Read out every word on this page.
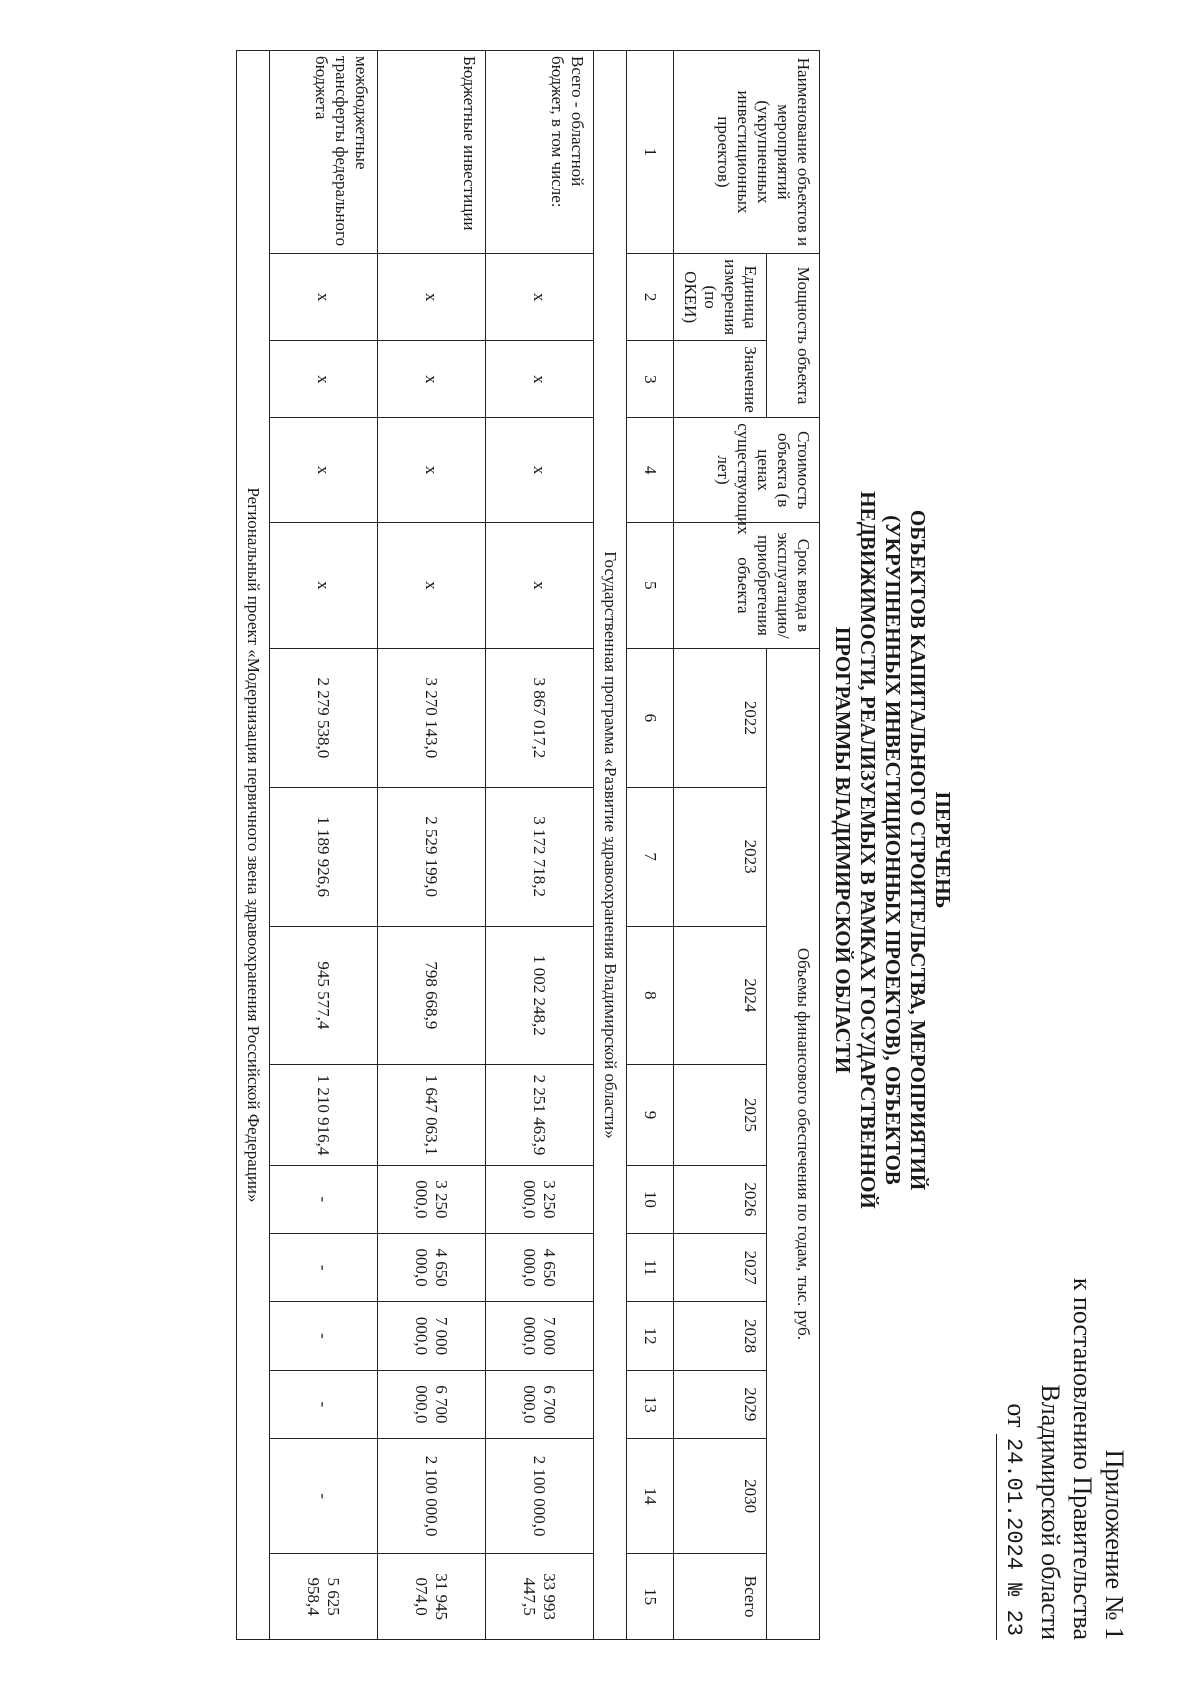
Приложение № 1
к постановлению Правительства
Владимирской области
от 24.01.2024 № 23
ПЕРЕЧЕНЬ
ОБЪЕКТОВ КАПИТАЛЬНОГО СТРОИТЕЛЬСТВА, МЕРОПРИЯТИЙ
(УКРУПНЕННЫХ ИНВЕСТИЦИОННЫХ ПРОЕКТОВ), ОБЪЕКТОВ
НЕДВИЖИМОСТИ, РЕАЛИЗУЕМЫХ В РАМКАХ ГОСУДАРСТВЕННОЙ
ПРОГРАММЫ ВЛАДИМИРСКОЙ ОБЛАСТИ
Наименование объектов и мероприятий (укрупненных инвестиционных проектов)	Мощность объекта		Стоимость объекта (в ценах существующих лет)	Срок ввода в эксплуатацию/приобретения объекта	Объемы финансового обеспечения по годам, тыс. руб.									
	Единица измерения (по ОКЕИ)	Значение			2022	2023	2024	2025	2026	2027	2028	2029	2030	Всего
1	2	3	4	5	6	7	8	9	10	11	12	13	14	15
Государственная программа «Развитие здравоохранения Владимирской области»														
Всего - областной бюджет, в том числе:	x	x	x	x	3 867 017,2	3 172 718,2	1 002 248,2	2 251 463,9	3 250 000,0	4 650 000,0	7 000 000,0	6 700 000,0	2 100 000,0	33 993 447,5
Бюджетные инвестиции	x	x	x	x	3 270 143,0	2 529 199,0	798 668,9	1 647 063,1	3 250 000,0	4 650 000,0	7 000 000,0	6 700 000,0	2 100 000,0	31 945 074,0
межбюджетные трансферты федерального бюджета	x	x	x	x	2 279 538,0	1 189 926,6	945 577,4	1 210 916,4	-	-	-	-	-	5 625 958,4
Региональный проект «Модернизация первичного звена здравоохранения Российской Федерации»														
